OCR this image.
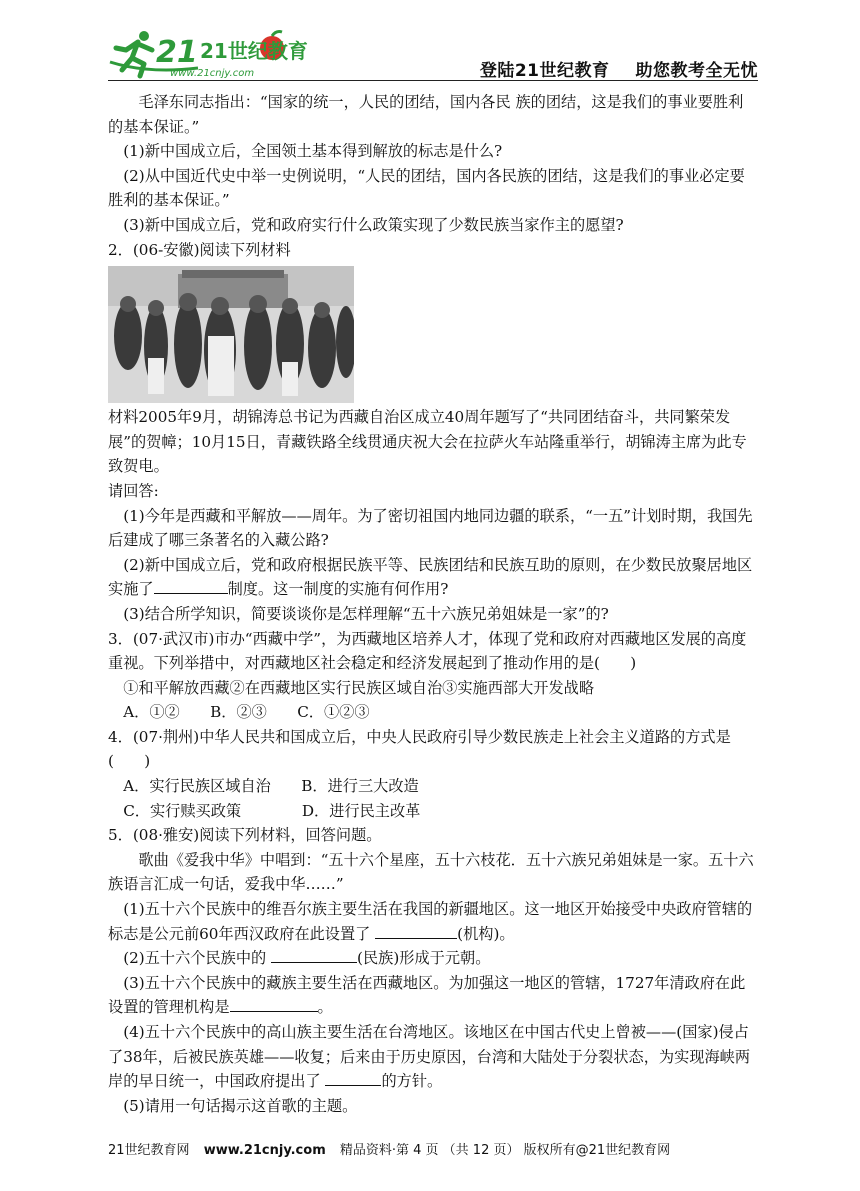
21 21世纪教育
www.21cnjy.com	登陆21世纪教育 助您教考全无忧

毛泽东同志指出：“国家的统一，人民的团结，国内各民 族的团结，这是我们的事业要胜利的基本保证。”

(1)新中国成立后，全国领土基本得到解放的标志是什么?

(2)从中国近代史中举一史例说明，“人民的团结，国内各民族的团结，这是我们的事业必定要胜利的基本保证。”

(3)新中国成立后，党和政府实行什么政策实现了少数民族当家作主的愿望?

2．(06-安徽)阅读下列材料

材料2005年9月，胡锦涛总书记为西藏自治区成立40周年题写了“共同团结奋斗，共同繁荣发展”的贺幛；10月15日，青藏铁路全线贯通庆祝大会在拉萨火车站隆重举行，胡锦涛主席为此专致贺电。

请回答:

(1)今年是西藏和平解放——周年。为了密切祖国内地同边疆的联系，“一五”计划时期，我国先后建成了哪三条著名的入藏公路?

(2)新中国成立后，党和政府根据民族平等、民族团结和民族互助的原则，在少数民放聚居地区实施了	制度。这一制度的实施有何作用?

(3)结合所学知识，简要谈谈你是怎样理解“五十六族兄弟姐妹是一家”的?

3．(07·武汉市)市办“西藏中学”，为西藏地区培养人才，体现了党和政府对西藏地区发展的高度重视。下列举措中，对西藏地区社会稳定和经济发展起到了推动作用的是(　　)

①和平解放西藏②在西藏地区实行民族区域自治③实施西部大开发战略

A．①②　　B．②③　　C．①②③

4．(07·荆州)中华人民共和国成立后，中央人民政府引导少数民族走上社会主义道路的方式是(　　)

A．实行民族区域自治　　B．进行三大改造

C．实行赎买政策　　　　D．进行民主改革

5．(08·雅安)阅读下列材料，回答问题。

歌曲《爱我中华》中唱到：“五十六个星座，五十六枝花．五十六族兄弟姐妹是一家。五十六族语言汇成一句话，爱我中华……”

(1)五十六个民族中的维吾尔族主要生活在我国的新疆地区。这一地区开始接受中央政府管辖的标志是公元前60年西汉政府在此设置了	(机构)。

(2)五十六个民族中的	(民族)形成于元朝。

(3)五十六个民族中的藏族主要生活在西藏地区。为加强这一地区的管辖，1727年清政府在此设置的管理机构是	。

(4)五十六个民族中的高山族主要生活在台湾地区。该地区在中国古代史上曾被——(国家)侵占了38年，后被民族英雄——收复；后来由于历史原因，台湾和大陆处于分裂状态，为实现海峡两岸的早日统一，中国政府提出了	的方针。

(5)请用一句话揭示这首歌的主题。

21世纪教育网 www.21cnjy.com 精品资料·第 4 页 （共 12 页） 版权所有@21世纪教育网
